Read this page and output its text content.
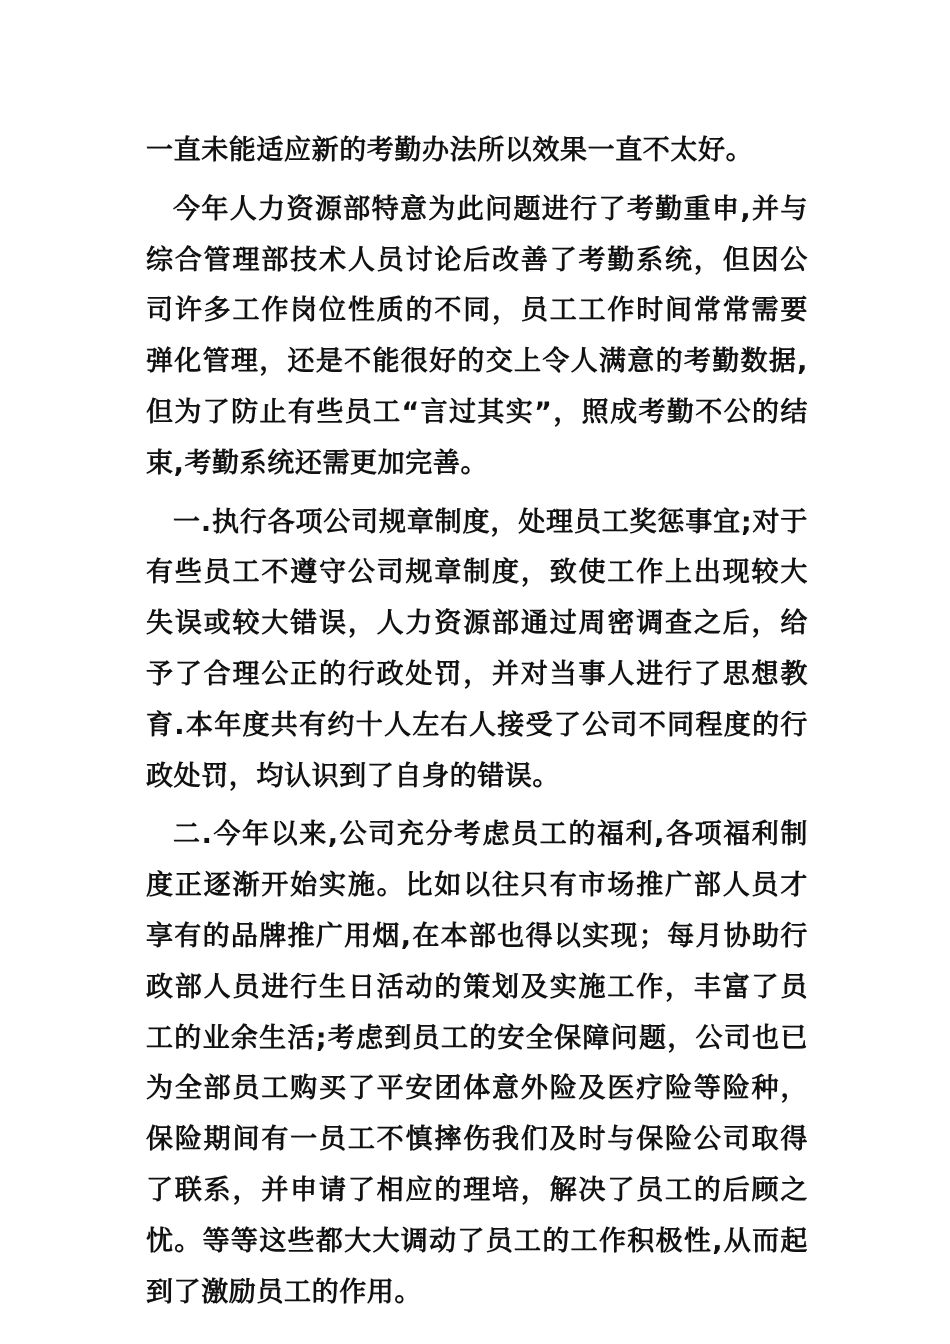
一直未能适应新的考勤办法所以效果一直不太好。

今年人力资源部特意为此问题进行了考勤重申,并与综合管理部技术人员讨论后改善了考勤系统，但因公司许多工作岗位性质的不同，员工工作时间常常需要弹化管理，还是不能很好的交上令人满意的考勤数据,但为了防止有些员工“言过其实”，照成考勤不公的结束,考勤系统还需更加完善。

一.执行各项公司规章制度，处理员工奖惩事宜;对于有些员工不遵守公司规章制度，致使工作上出现较大失误或较大错误，人力资源部通过周密调查之后，给予了合理公正的行政处罚，并对当事人进行了思想教育.本年度共有约十人左右人接受了公司不同程度的行政处罚，均认识到了自身的错误。

二.今年以来,公司充分考虑员工的福利,各项福利制度正逐渐开始实施。比如以往只有市场推广部人员才享有的品牌推广用烟,在本部也得以实现；每月协助行政部人员进行生日活动的策划及实施工作，丰富了员工的业余生活;考虑到员工的安全保障问题，公司也已为全部员工购买了平安团体意外险及医疗险等险种，保险期间有一员工不慎摔伤我们及时与保险公司取得了联系，并申请了相应的理培，解决了员工的后顾之忧。等等这些都大大调动了员工的工作积极性,从而起到了激励员工的作用。
